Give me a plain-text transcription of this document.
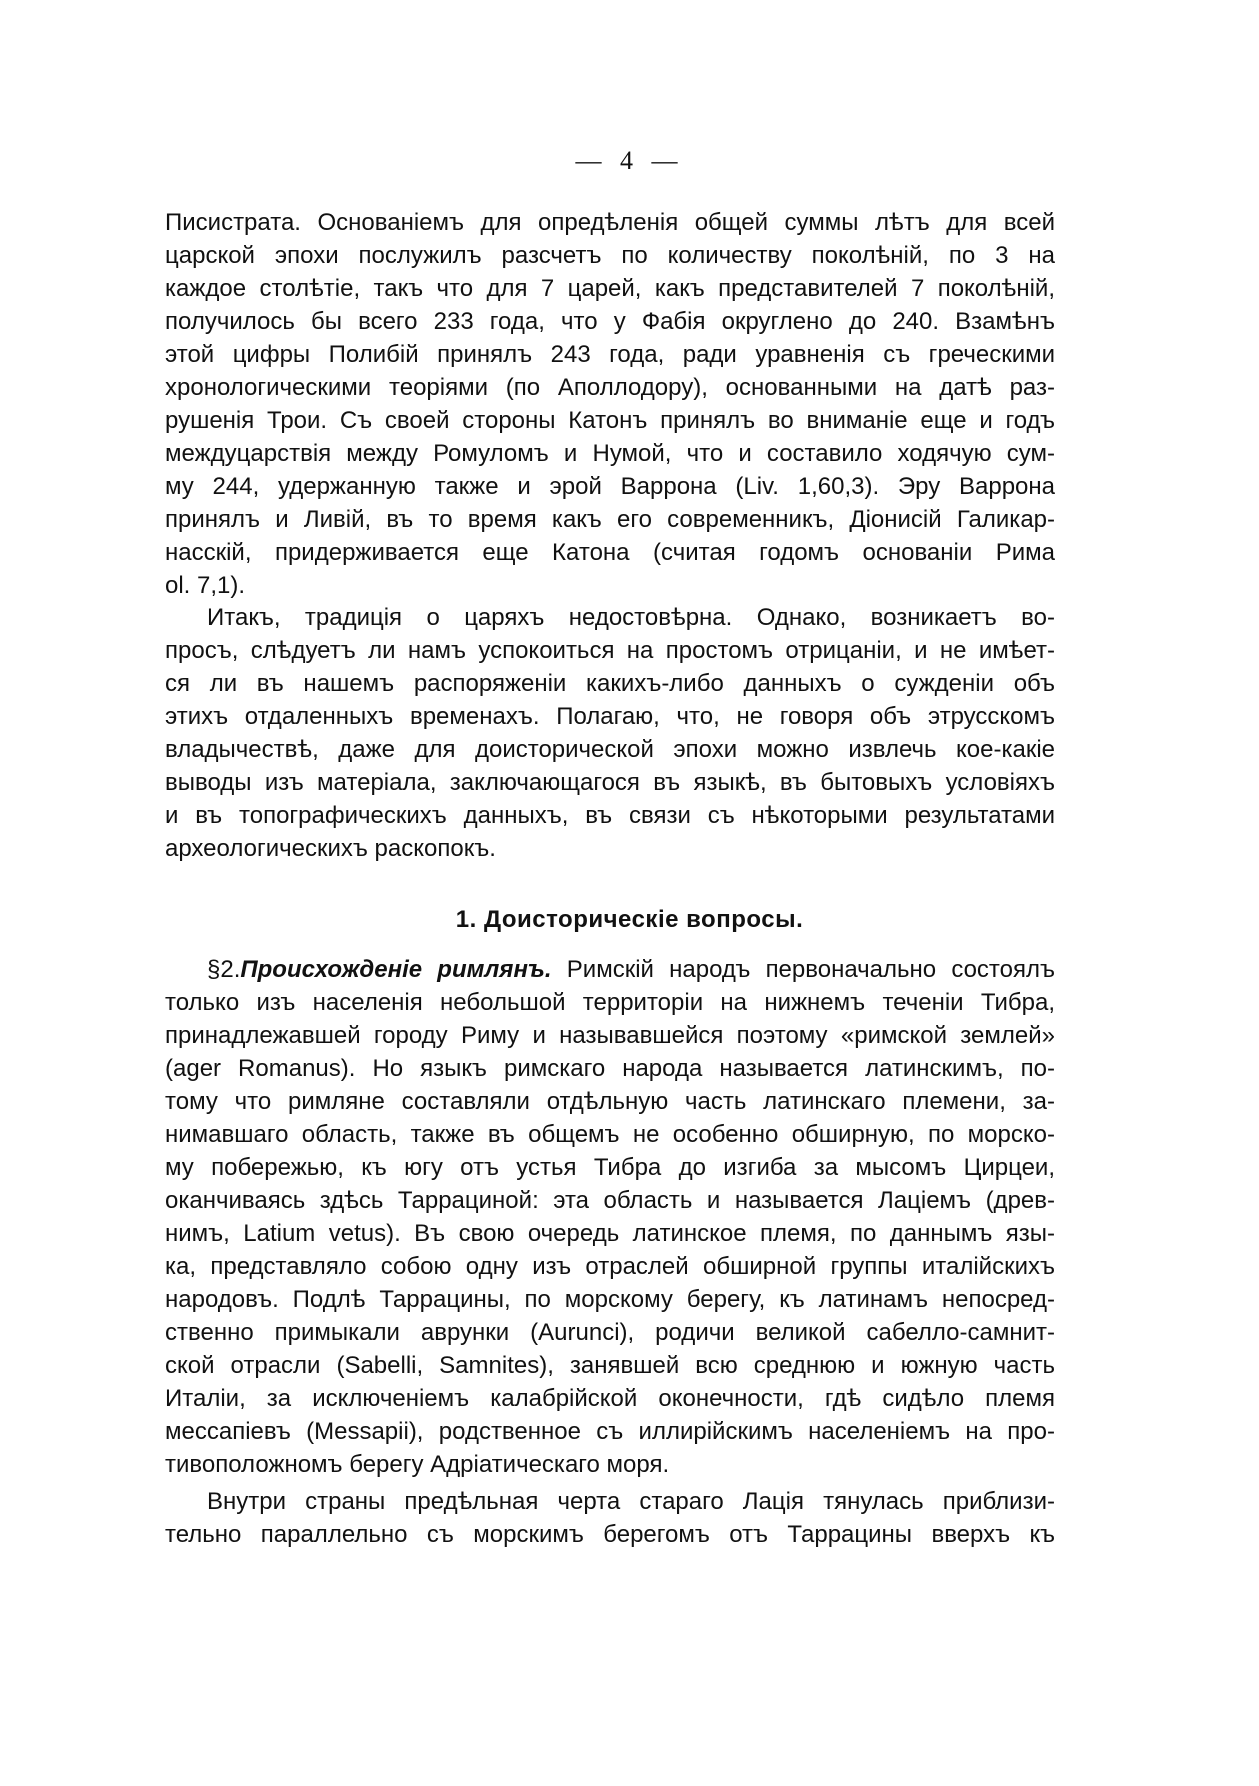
— 4 —
Писистрата. Основаніемъ для опредѣленія общей суммы лѣтъ для всей
царской эпохи послужилъ разсчетъ по количеству поколѣній, по 3 на
каждое столѣтіе, такъ что для 7 царей, какъ представителей 7 поколѣній,
получилось бы всего 233 года, что у Фабія округлено до 240. Взамѣнъ
этой цифры Полибій принялъ 243 года, ради уравненія съ греческими
хронологическими теоріями (по Аполлодору), основанными на датѣ раз-
рушенія Трои. Съ своей стороны Катонъ принялъ во вниманіе еще и годъ
междуцарствія между Ромуломъ и Нумой, что и составило ходячую сум-
му 244, удержанную также и эрой Варрона (Liv. 1,60,3). Эру Варрона
принялъ и Ливій, въ то время какъ его современникъ, Діонисій Галикар-
насскій, придерживается еще Катона (считая годомъ основаніи Рима
ol. 7,1).
Итакъ, традиція о царяхъ недостовѣрна. Однако, возникаетъ во-
просъ, слѣдуетъ ли намъ успокоиться на простомъ отрицаніи, и не имѣет-
ся ли въ нашемъ распоряженіи какихъ-либо данныхъ о сужденіи объ
этихъ отдаленныхъ временахъ. Полагаю, что, не говоря объ этрусскомъ
владычествѣ, даже для доисторической эпохи можно извлечь кое-какіе
выводы изъ матеріала, заключающагося въ языкѣ, въ бытовыхъ условіяхъ
и въ топографическихъ данныхъ, въ связи съ нѣкоторыми результатами
археологическихъ раскопокъ.
1. Доисторическіе вопросы.
§2.Происхожденіе римлянъ. Римскій народъ первоначально состоялъ
только изъ населенія небольшой территоріи на нижнемъ теченіи Тибра,
принадлежавшей городу Риму и называвшейся поэтому «римской землей»
(ager Romanus). Но языкъ римскаго народа называется латинскимъ, по-
тому что римляне составляли отдѣльную часть латинскаго племени, за-
нимавшаго область, также въ общемъ не особенно обширную, по морско-
му побережью, къ югу отъ устья Тибра до изгиба за мысомъ Цирцеи,
оканчиваясь здѣсь Таррациной: эта область и называется Лаціемъ (древ-
нимъ, Latium vetus). Въ свою очередь латинское племя, по даннымъ язы-
ка, представляло собою одну изъ отраслей обширной группы италійскихъ
народовъ. Подлѣ Таррацины, по морскому берегу, къ латинамъ непосред-
ственно примыкали аврунки (Aurunci), родичи великой сабелло-самнит-
ской отрасли (Sabelli, Samnites), занявшей всю среднюю и южную часть
Италіи, за исключеніемъ калабрійской оконечности, гдѣ сидѣло племя
мессапіевъ (Messapii), родственное съ иллирійскимъ населеніемъ на про-
тивоположномъ берегу Адріатическаго моря.
Внутри страны предѣльная черта стараго Лація тянулась приблизи-
тельно параллельно съ морскимъ берегомъ отъ Таррацины вверхъ къ
